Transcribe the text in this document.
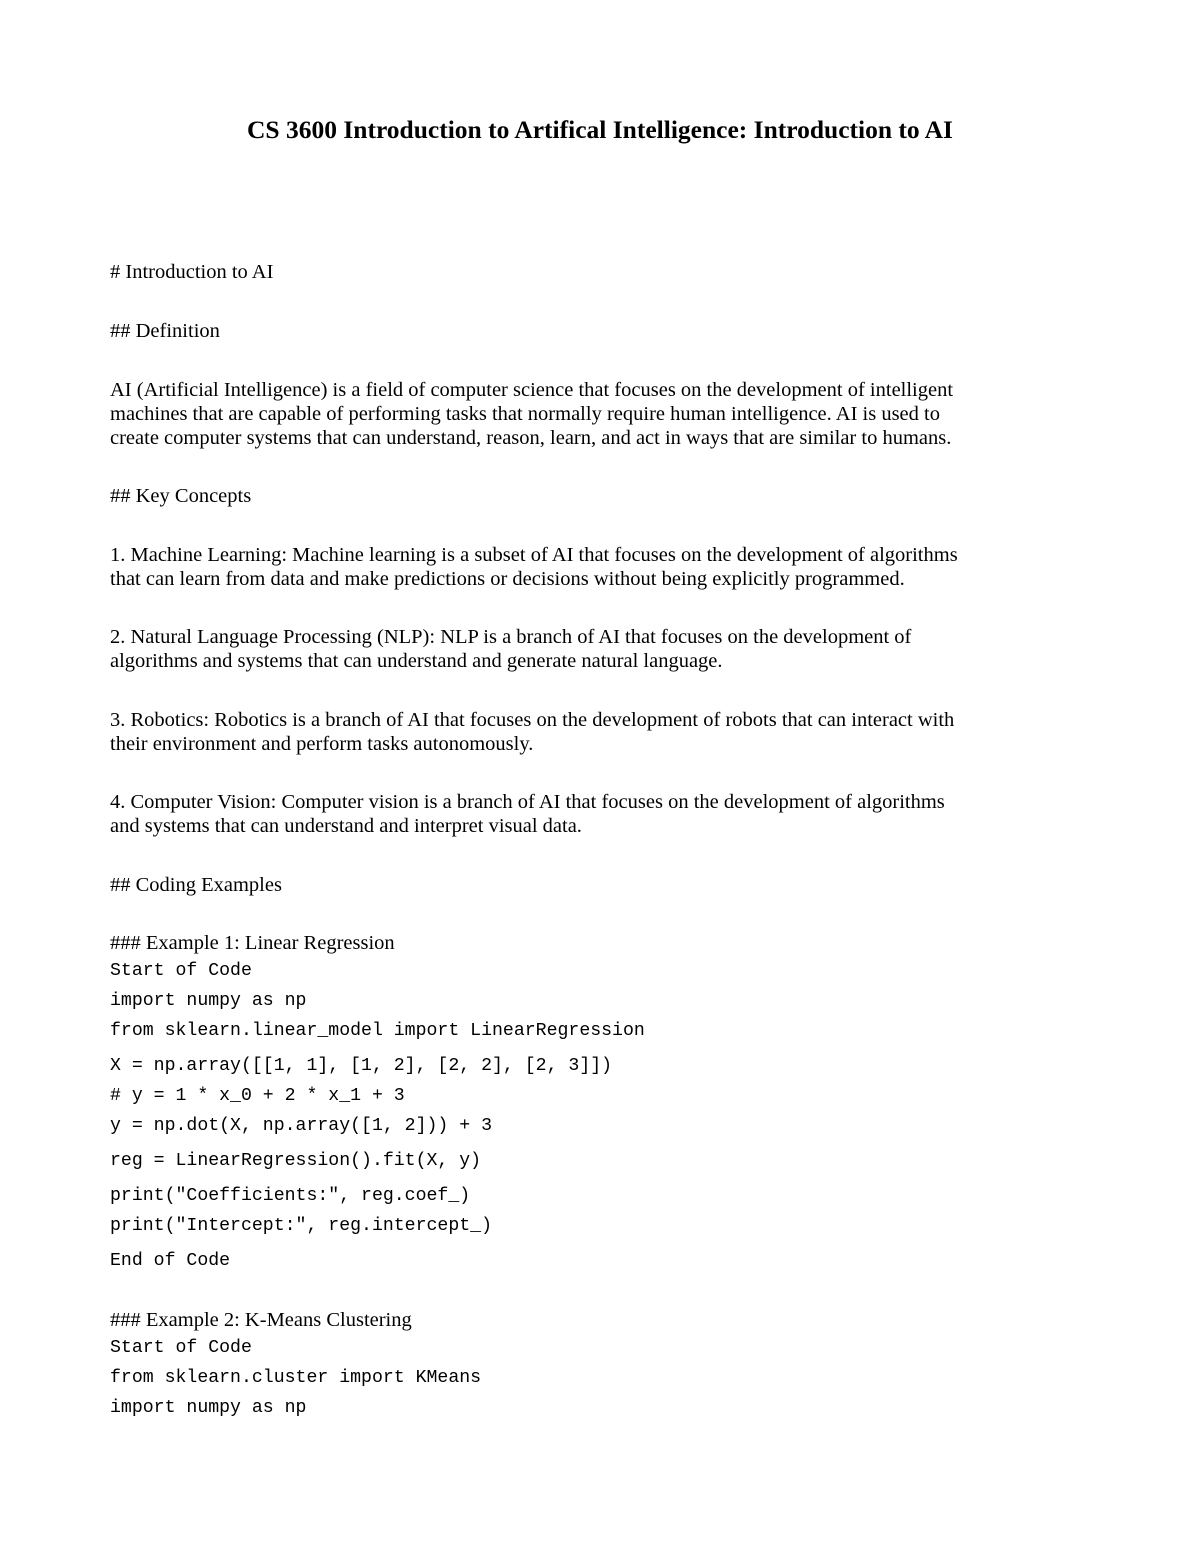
CS 3600 Introduction to Artifical Intelligence: Introduction to AI
# Introduction to AI
## Definition
AI (Artificial Intelligence) is a field of computer science that focuses on the development of intelligent
machines that are capable of performing tasks that normally require human intelligence. AI is used to
create computer systems that can understand, reason, learn, and act in ways that are similar to humans.
## Key Concepts
1. Machine Learning: Machine learning is a subset of AI that focuses on the development of algorithms
that can learn from data and make predictions or decisions without being explicitly programmed.
2. Natural Language Processing (NLP): NLP is a branch of AI that focuses on the development of
algorithms and systems that can understand and generate natural language.
3. Robotics: Robotics is a branch of AI that focuses on the development of robots that can interact with
their environment and perform tasks autonomously.
4. Computer Vision: Computer vision is a branch of AI that focuses on the development of algorithms
and systems that can understand and interpret visual data.
## Coding Examples
### Example 1: Linear Regression
Start of Code
import numpy as np
from sklearn.linear_model import LinearRegression
X = np.array([[1, 1], [1, 2], [2, 2], [2, 3]])
# y = 1 * x_0 + 2 * x_1 + 3
y = np.dot(X, np.array([1, 2])) + 3
reg = LinearRegression().fit(X, y)
print("Coefficients:", reg.coef_)
print("Intercept:", reg.intercept_)
End of Code
### Example 2: K-Means Clustering
Start of Code
from sklearn.cluster import KMeans
import numpy as np
